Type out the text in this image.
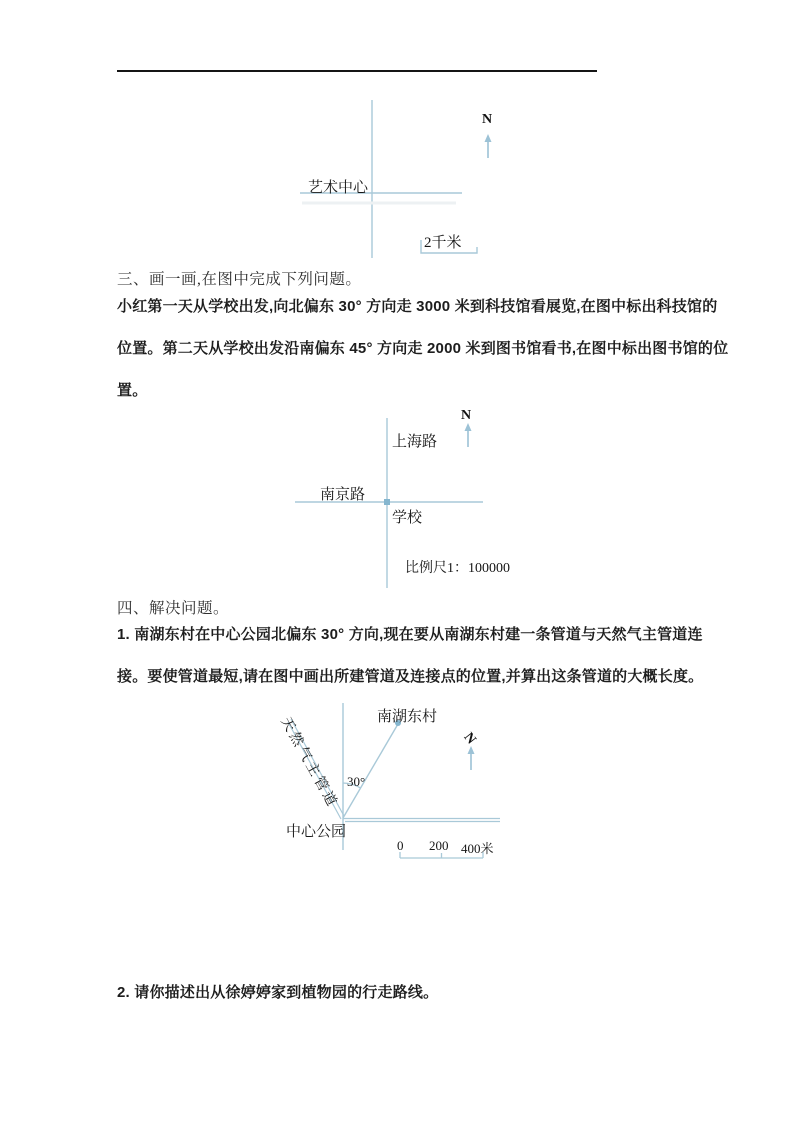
艺术中心
N
2千米
三、画一画,在图中完成下列问题。
小红第一天从学校出发,向北偏东 30° 方向走 3000 米到科技馆看展览,在图中标出科技馆的
位置。第二天从学校出发沿南偏东 45° 方向走 2000 米到图书馆看书,在图中标出图书馆的位
置。
上海路
南京路
学校
N
比例尺1：100000
四、解决问题。
1. 南湖东村在中心公园北偏东 30° 方向,现在要从南湖东村建一条管道与天然气主管道连
接。要使管道最短,请在图中画出所建管道及连接点的位置,并算出这条管道的大概长度。
南湖东村
天然气主管道 30°
中心公园
N
0 200 400米
2. 请你描述出从徐婷婷家到植物园的行走路线。
